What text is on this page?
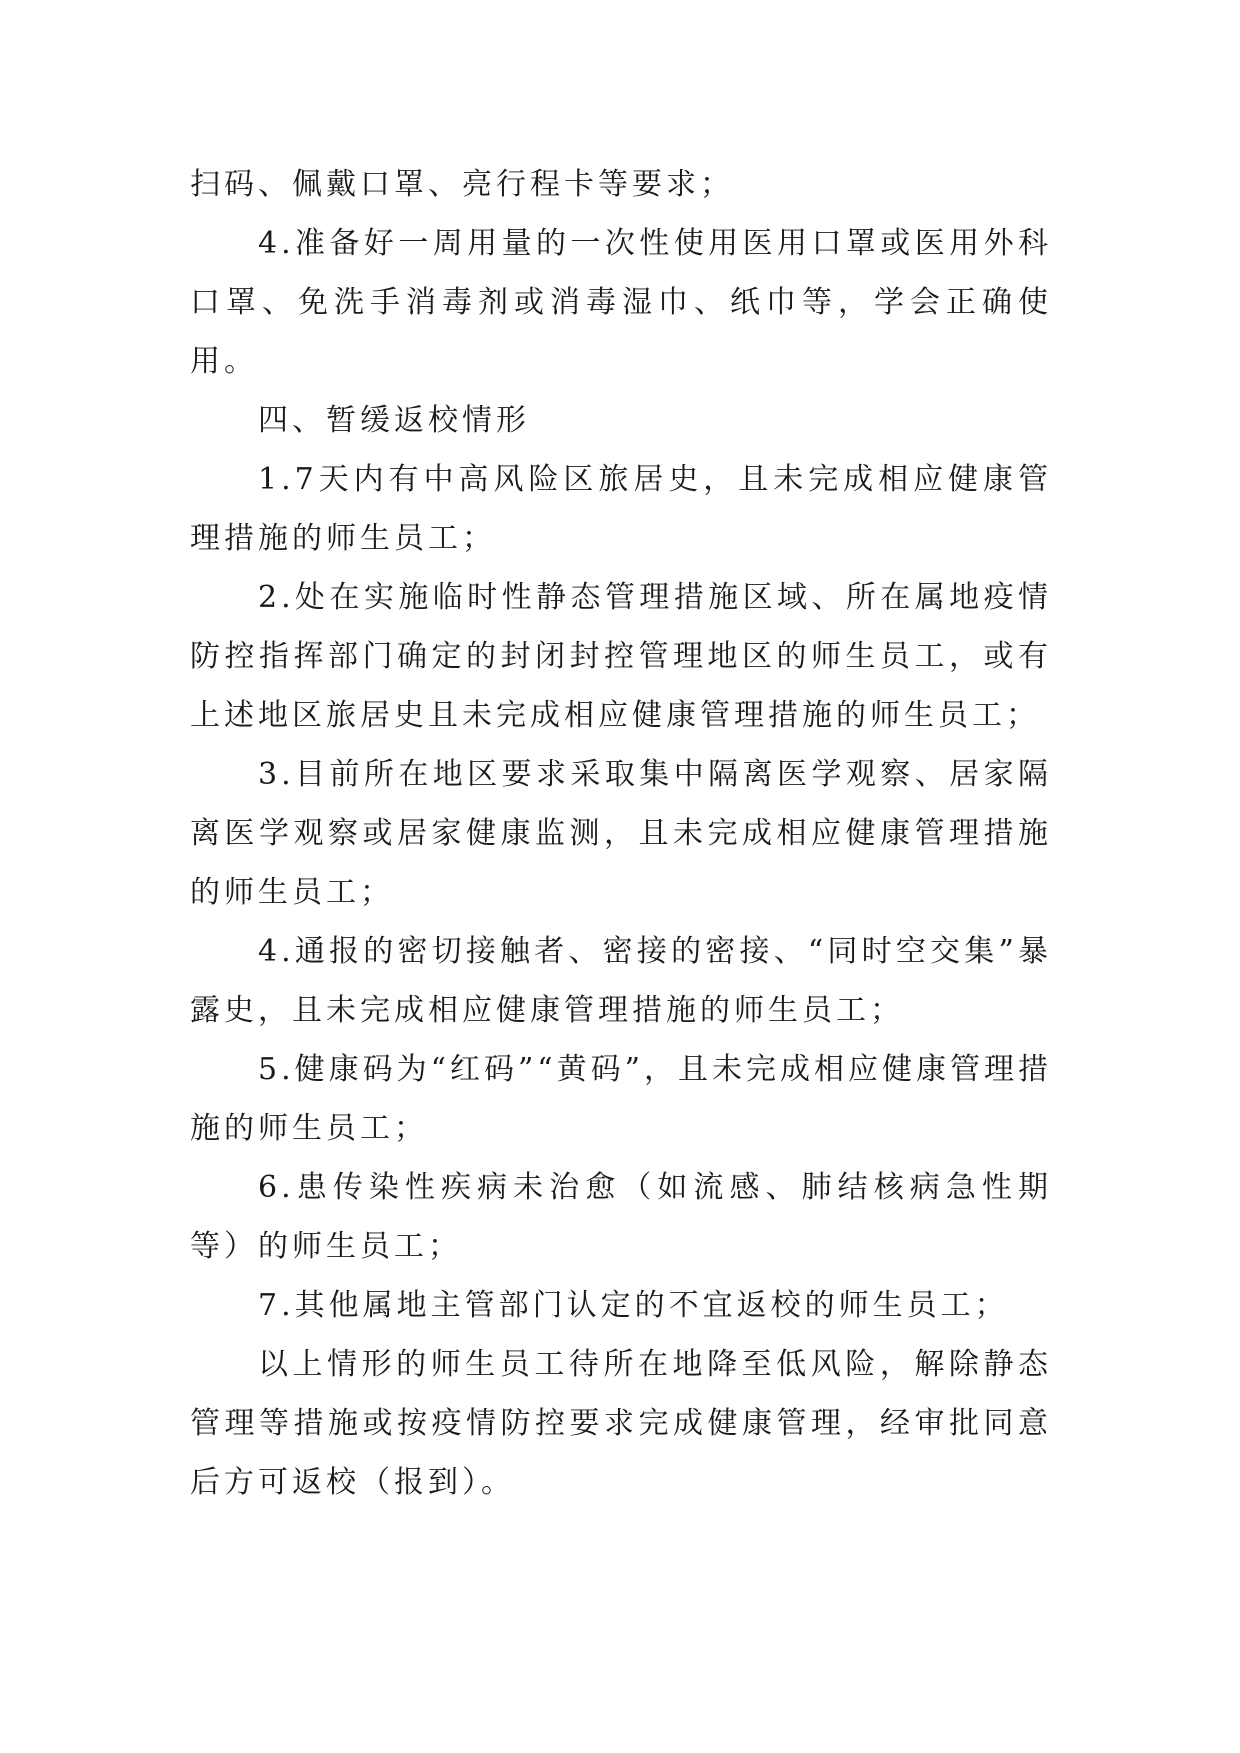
扫码、佩戴口罩、亮行程卡等要求；

4.准备好一周用量的一次性使用医用口罩或医用外科口罩、免洗手消毒剂或消毒湿巾、纸巾等，学会正确使用。

四、暂缓返校情形

1.7天内有中高风险区旅居史，且未完成相应健康管理措施的师生员工；

2.处在实施临时性静态管理措施区域、所在属地疫情防控指挥部门确定的封闭封控管理地区的师生员工，或有上述地区旅居史且未完成相应健康管理措施的师生员工；

3.目前所在地区要求采取集中隔离医学观察、居家隔离医学观察或居家健康监测，且未完成相应健康管理措施的师生员工；

4.通报的密切接触者、密接的密接、“同时空交集”暴露史，且未完成相应健康管理措施的师生员工；

5.健康码为“红码”“黄码”，且未完成相应健康管理措施的师生员工；

6.患传染性疾病未治愈（如流感、肺结核病急性期等）的师生员工；

7.其他属地主管部门认定的不宜返校的师生员工；

以上情形的师生员工待所在地降至低风险，解除静态管理等措施或按疫情防控要求完成健康管理，经审批同意后方可返校（报到）。
